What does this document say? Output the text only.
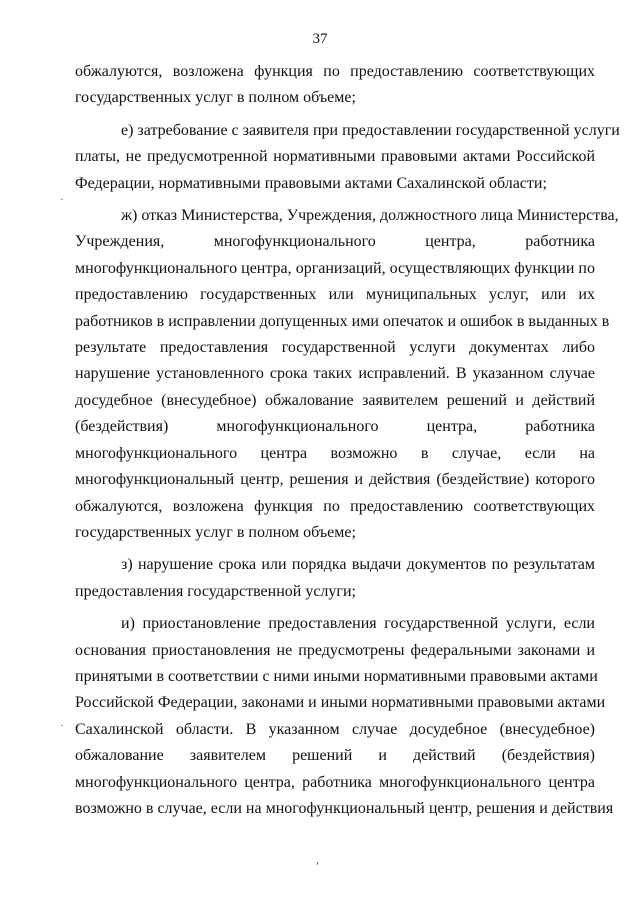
37
обжалуются, возложена функция по предоставлению соответствующих
государственных услуг в полном объеме;
е) затребование с заявителя при предоставлении государственной услуги
платы, не предусмотренной нормативными правовыми актами Российской
Федерации, нормативными правовыми актами Сахалинской области;
ж) отказ Министерства, Учреждения, должностного лица Министерства,
Учреждения, многофункционального центра, работника
многофункционального центра, организаций, осуществляющих функции по
предоставлению государственных или муниципальных услуг, или их
работников в исправлении допущенных ими опечаток и ошибок в выданных в
результате предоставления государственной услуги документах либо
нарушение установленного срока таких исправлений. В указанном случае
досудебное (внесудебное) обжалование заявителем решений и действий
(бездействия) многофункционального центра, работника
многофункционального центра возможно в случае, если на
многофункциональный центр, решения и действия (бездействие) которого
обжалуются, возложена функция по предоставлению соответствующих
государственных услуг в полном объеме;
з) нарушение срока или порядка выдачи документов по результатам
предоставления государственной услуги;
и) приостановление предоставления государственной услуги, если
основания приостановления не предусмотрены федеральными законами и
принятыми в соответствии с ними иными нормативными правовыми актами
Российской Федерации, законами и иными нормативными правовыми актами
Сахалинской области. В указанном случае досудебное (внесудебное)
обжалование заявителем решений и действий (бездействия)
многофункционального центра, работника многофункционального центра
возможно в случае, если на многофункциональный центр, решения и действия
,
·
·
